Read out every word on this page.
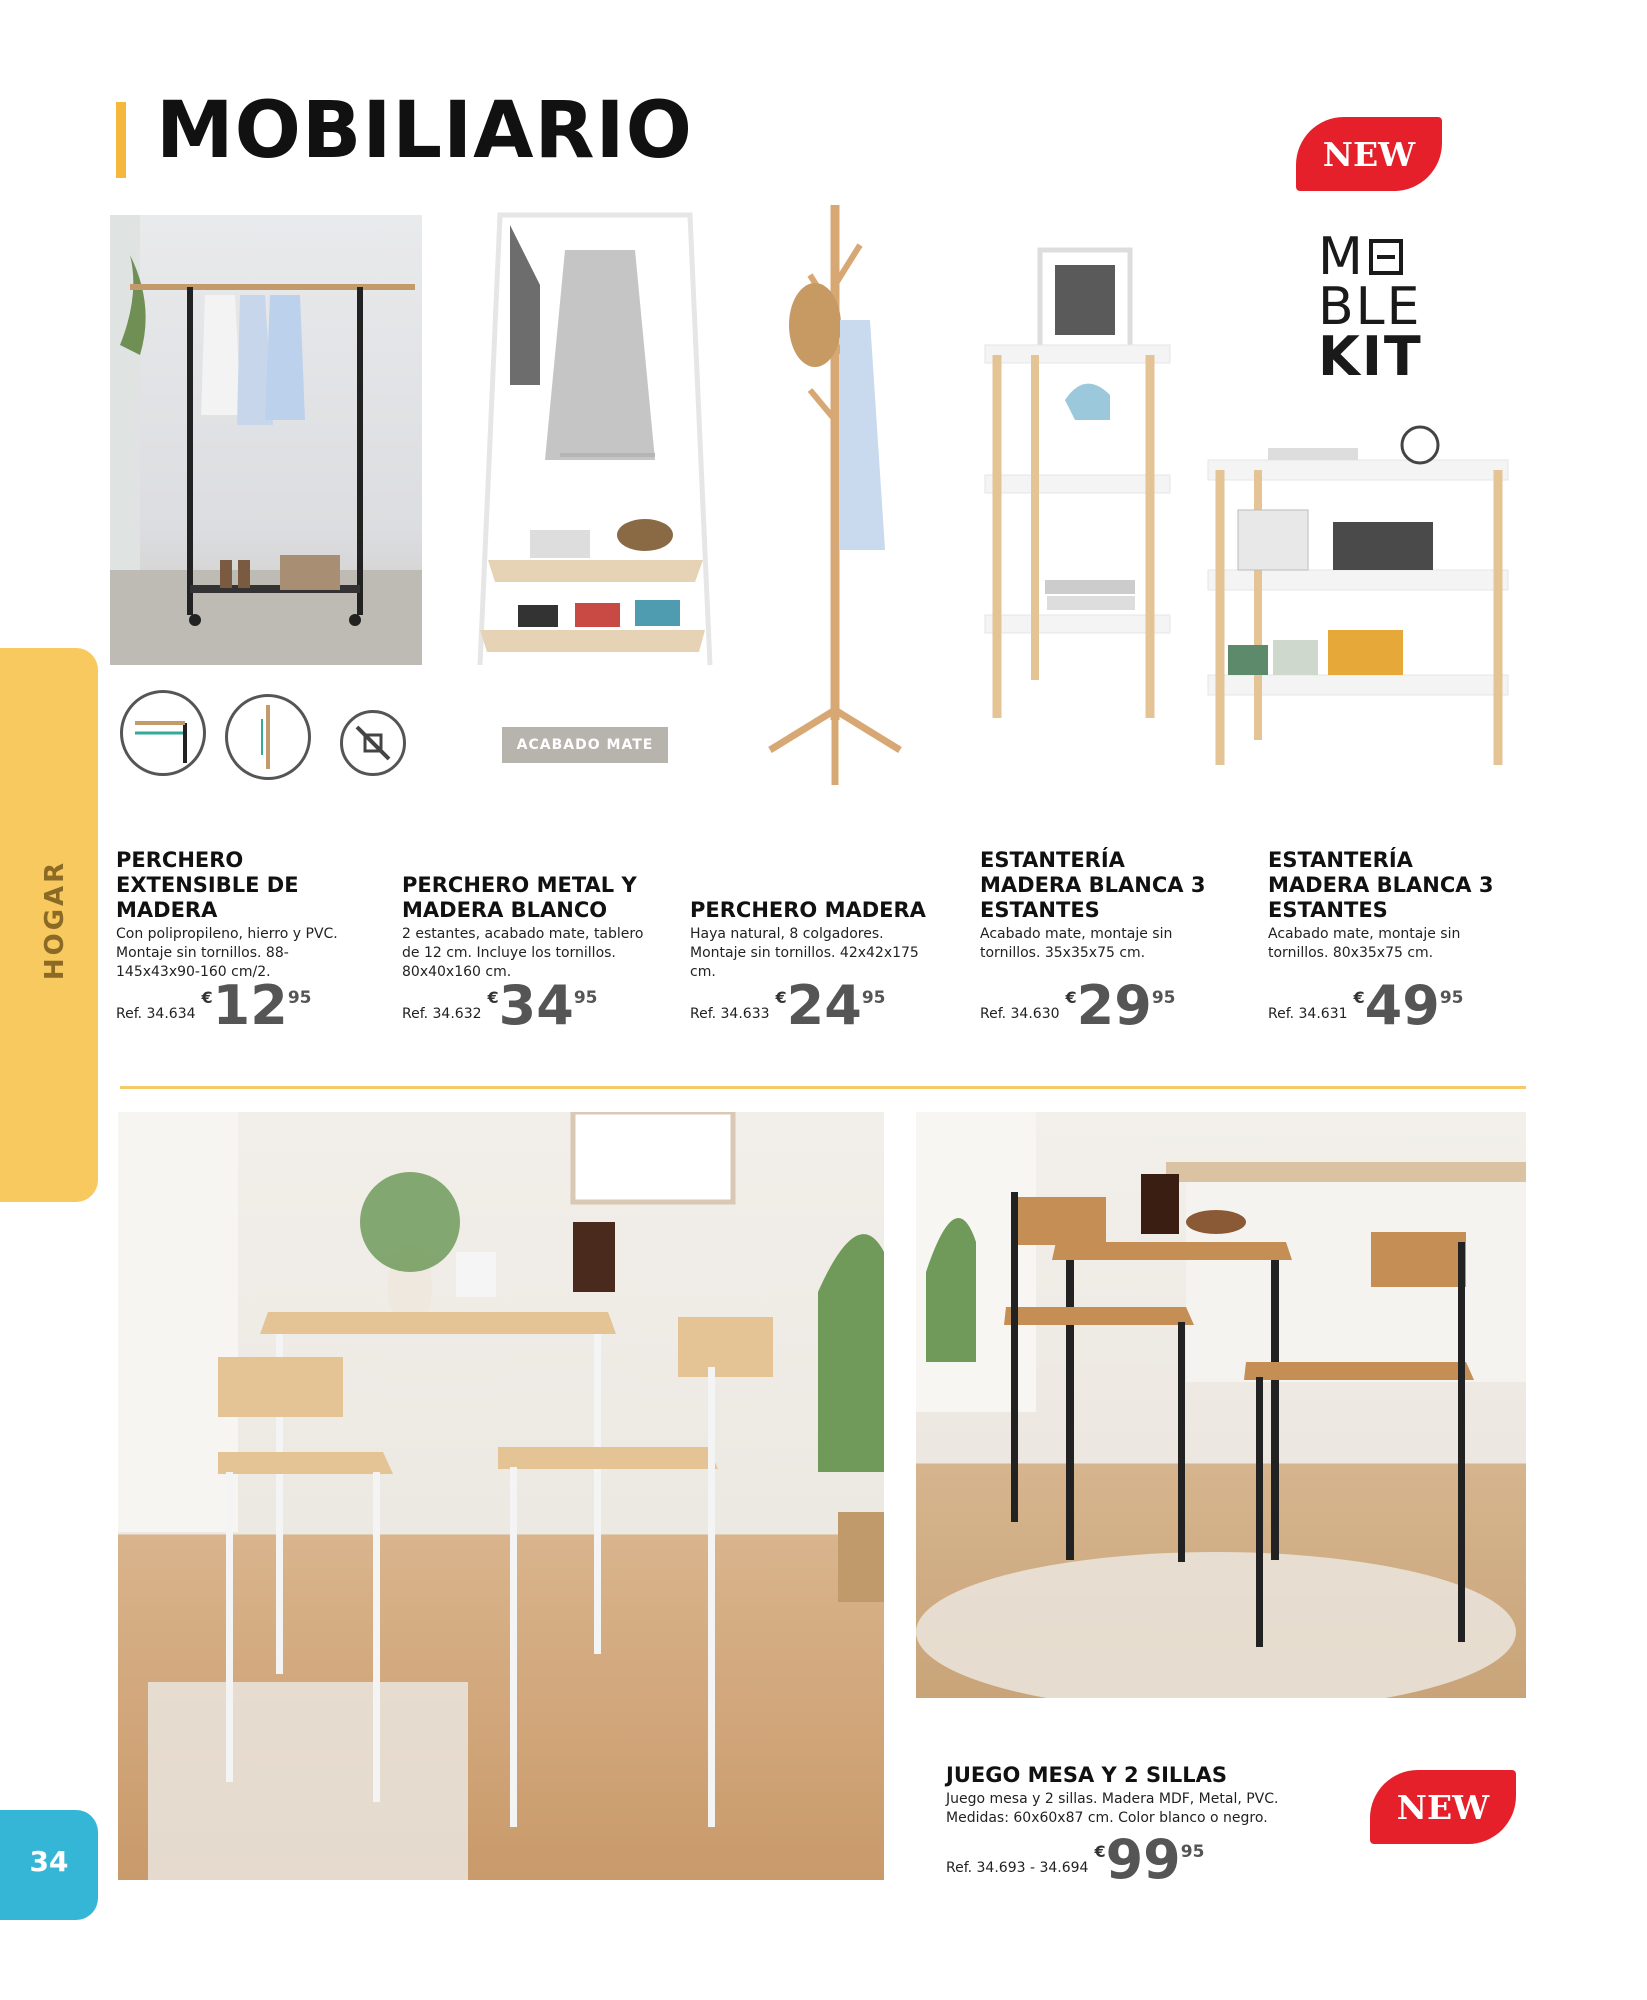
MOBILIARIO	NEW
M
BLE
KIT
ACABADO MATE
PERCHERO EXTENSIBLE DE MADERA
Con polipropileno, hierro y PVC. Montaje sin tornillos. 88-145x43x90-160 cm/2.
Ref. 34.634
€ 12 95
PERCHERO METAL Y MADERA BLANCO
2 estantes, acabado mate, tablero de 12 cm. Incluye los tornillos. 80x40x160 cm.
Ref. 34.632
€ 34 95
PERCHERO MADERA
Haya natural, 8 colgadores. Montaje sin tornillos. 42x42x175 cm.
Ref. 34.633
€ 24 95
ESTANTERÍA MADERA BLANCA 3 ESTANTES
Acabado mate, montaje sin tornillos. 35x35x75 cm.
Ref. 34.630
€ 29 95
ESTANTERÍA MADERA BLANCA 3 ESTANTES
Acabado mate, montaje sin tornillos. 80x35x75 cm.
Ref. 34.631
€ 49 95
HOGAR
JUEGO MESA Y 2 SILLAS
Juego mesa y 2 sillas. Madera MDF, Metal, PVC. Medidas: 60x60x87 cm. Color blanco o negro.
Ref. 34.693 - 34.694
€ 99 95
NEW
34
